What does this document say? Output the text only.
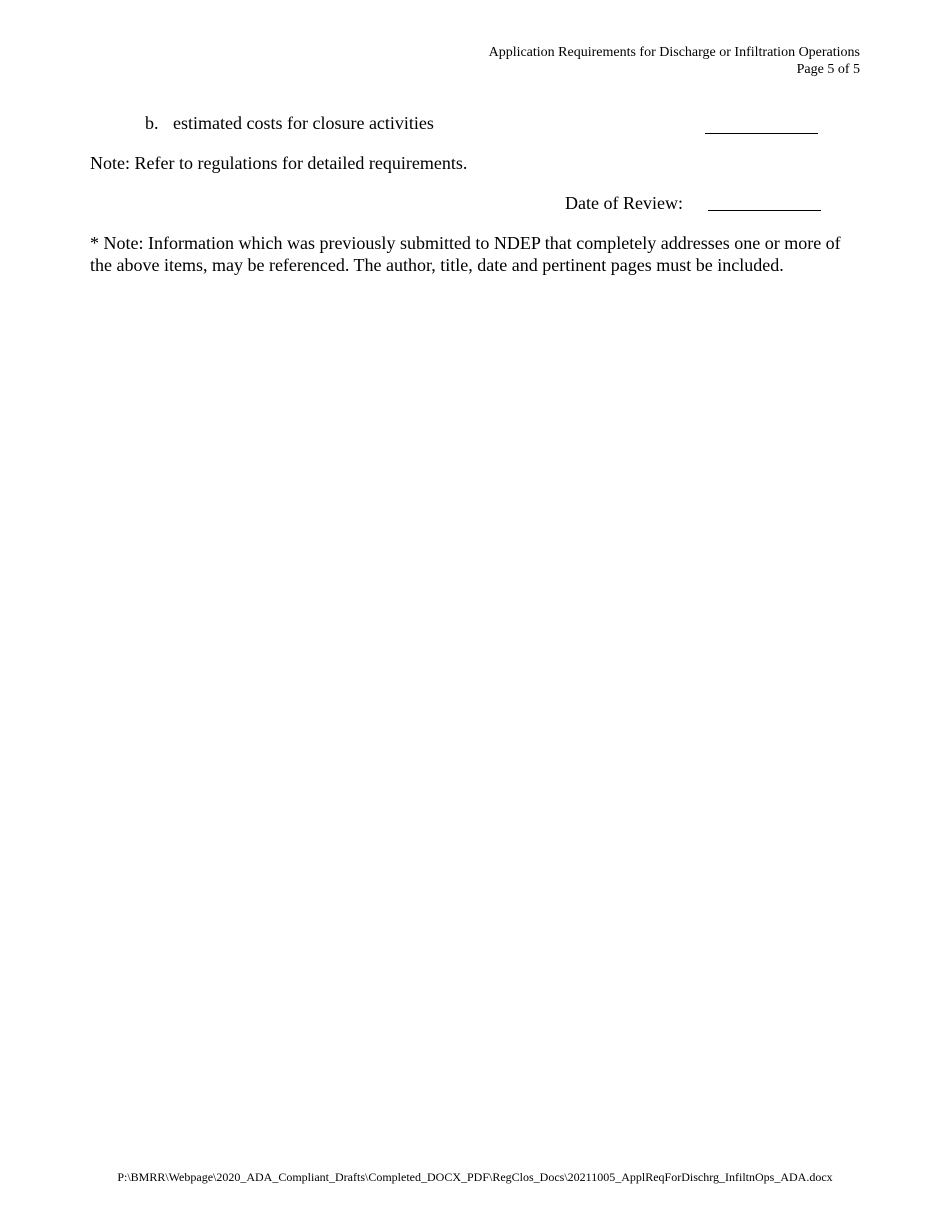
Application Requirements for Discharge or Infiltration Operations
Page 5 of 5
b. estimated costs for closure activities
Note: Refer to regulations for detailed requirements.
Date of Review:
* Note: Information which was previously submitted to NDEP that completely addresses one or more of the above items, may be referenced. The author, title, date and pertinent pages must be included.
P:\BMRR\Webpage\2020_ADA_Compliant_Drafts\Completed_DOCX_PDF\RegClos_Docs\20211005_ApplReqForDischrg_InfiltnOps_ADA.docx
